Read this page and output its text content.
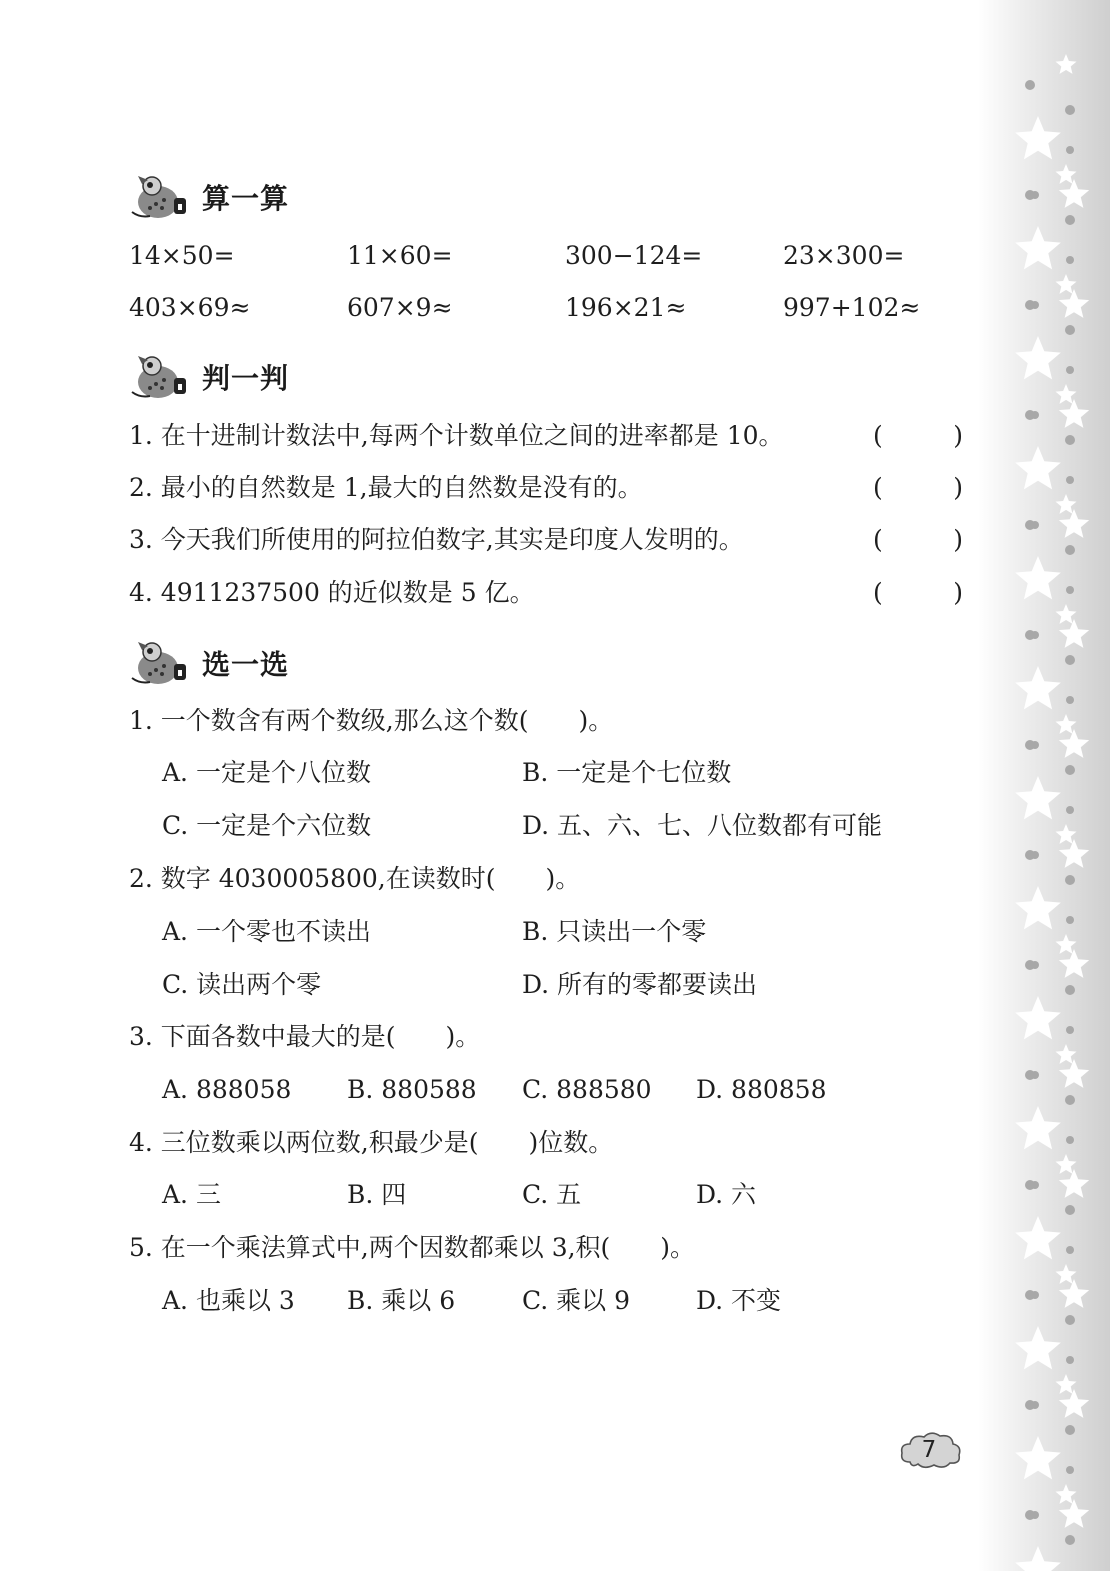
算一算
14×50=	11×60=	300−124=	23×300=
403×69≈	607×9≈	196×21≈	997+102≈
判一判
1. 在十进制计数法中,每两个计数单位之间的进率都是 10。	(	)
2. 最小的自然数是 1,最大的自然数是没有的。	(	)
3. 今天我们所使用的阿拉伯数字,其实是印度人发明的。	(	)
4. 4911237500 的近似数是 5 亿。	(	)
选一选
1. 一个数含有两个数级,那么这个数(　　)。
A. 一定是个八位数	B. 一定是个七位数
C. 一定是个六位数	D. 五、六、七、八位数都有可能
2. 数字 4030005800,在读数时(　　)。
A. 一个零也不读出	B. 只读出一个零
C. 读出两个零	D. 所有的零都要读出
3. 下面各数中最大的是(　　)。
A. 888058 B. 880588 C. 888580 D. 880858
4. 三位数乘以两位数,积最少是(　　)位数。
A. 三	B. 四	C. 五	D. 六
5. 在一个乘法算式中,两个因数都乘以 3,积(　　)。
A. 也乘以 3 B. 乘以 6	C. 乘以 9	D. 不变
7
